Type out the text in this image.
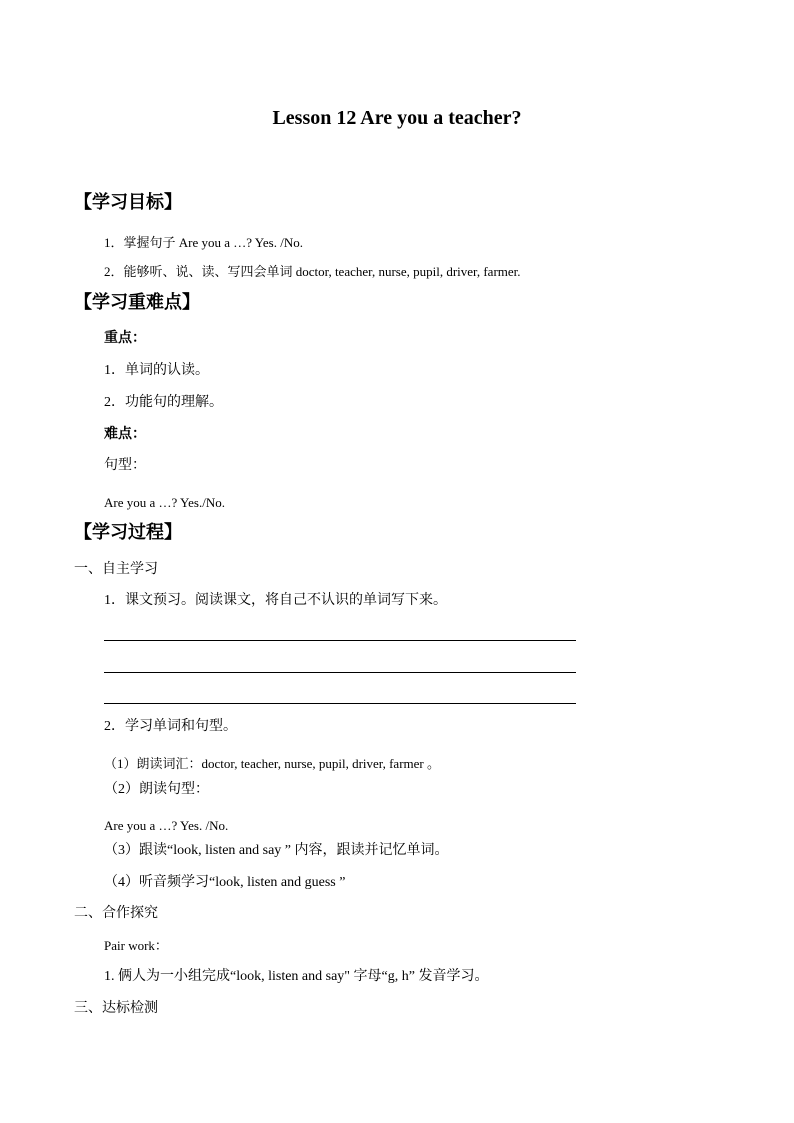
Lesson 12 Are you a teacher?
【学习目标】
1．掌握句子 Are you a …? Yes. /No.
2．能够听、说、读、写四会单词 doctor, teacher, nurse, pupil, driver, farmer.
【学习重难点】
重点：
1．单词的认读。
2．功能句的理解。
难点：
句型：
Are you a …? Yes./No.
【学习过程】
一、自主学习
1．课文预习。阅读课文，将自己不认识的单词写下来。
2．学习单词和句型。
（1）朗读词汇：doctor, teacher, nurse, pupil, driver, farmer 。
（2）朗读句型：
Are you a …? Yes. /No.
（3）跟读“look, listen and say ” 内容，跟读并记忆单词。
（4）听音频学习“look, listen and guess ”
二、合作探究
Pair work：
1. 俩人为一小组完成“look, listen and say" 字母“g, h” 发音学习。
三、达标检测
